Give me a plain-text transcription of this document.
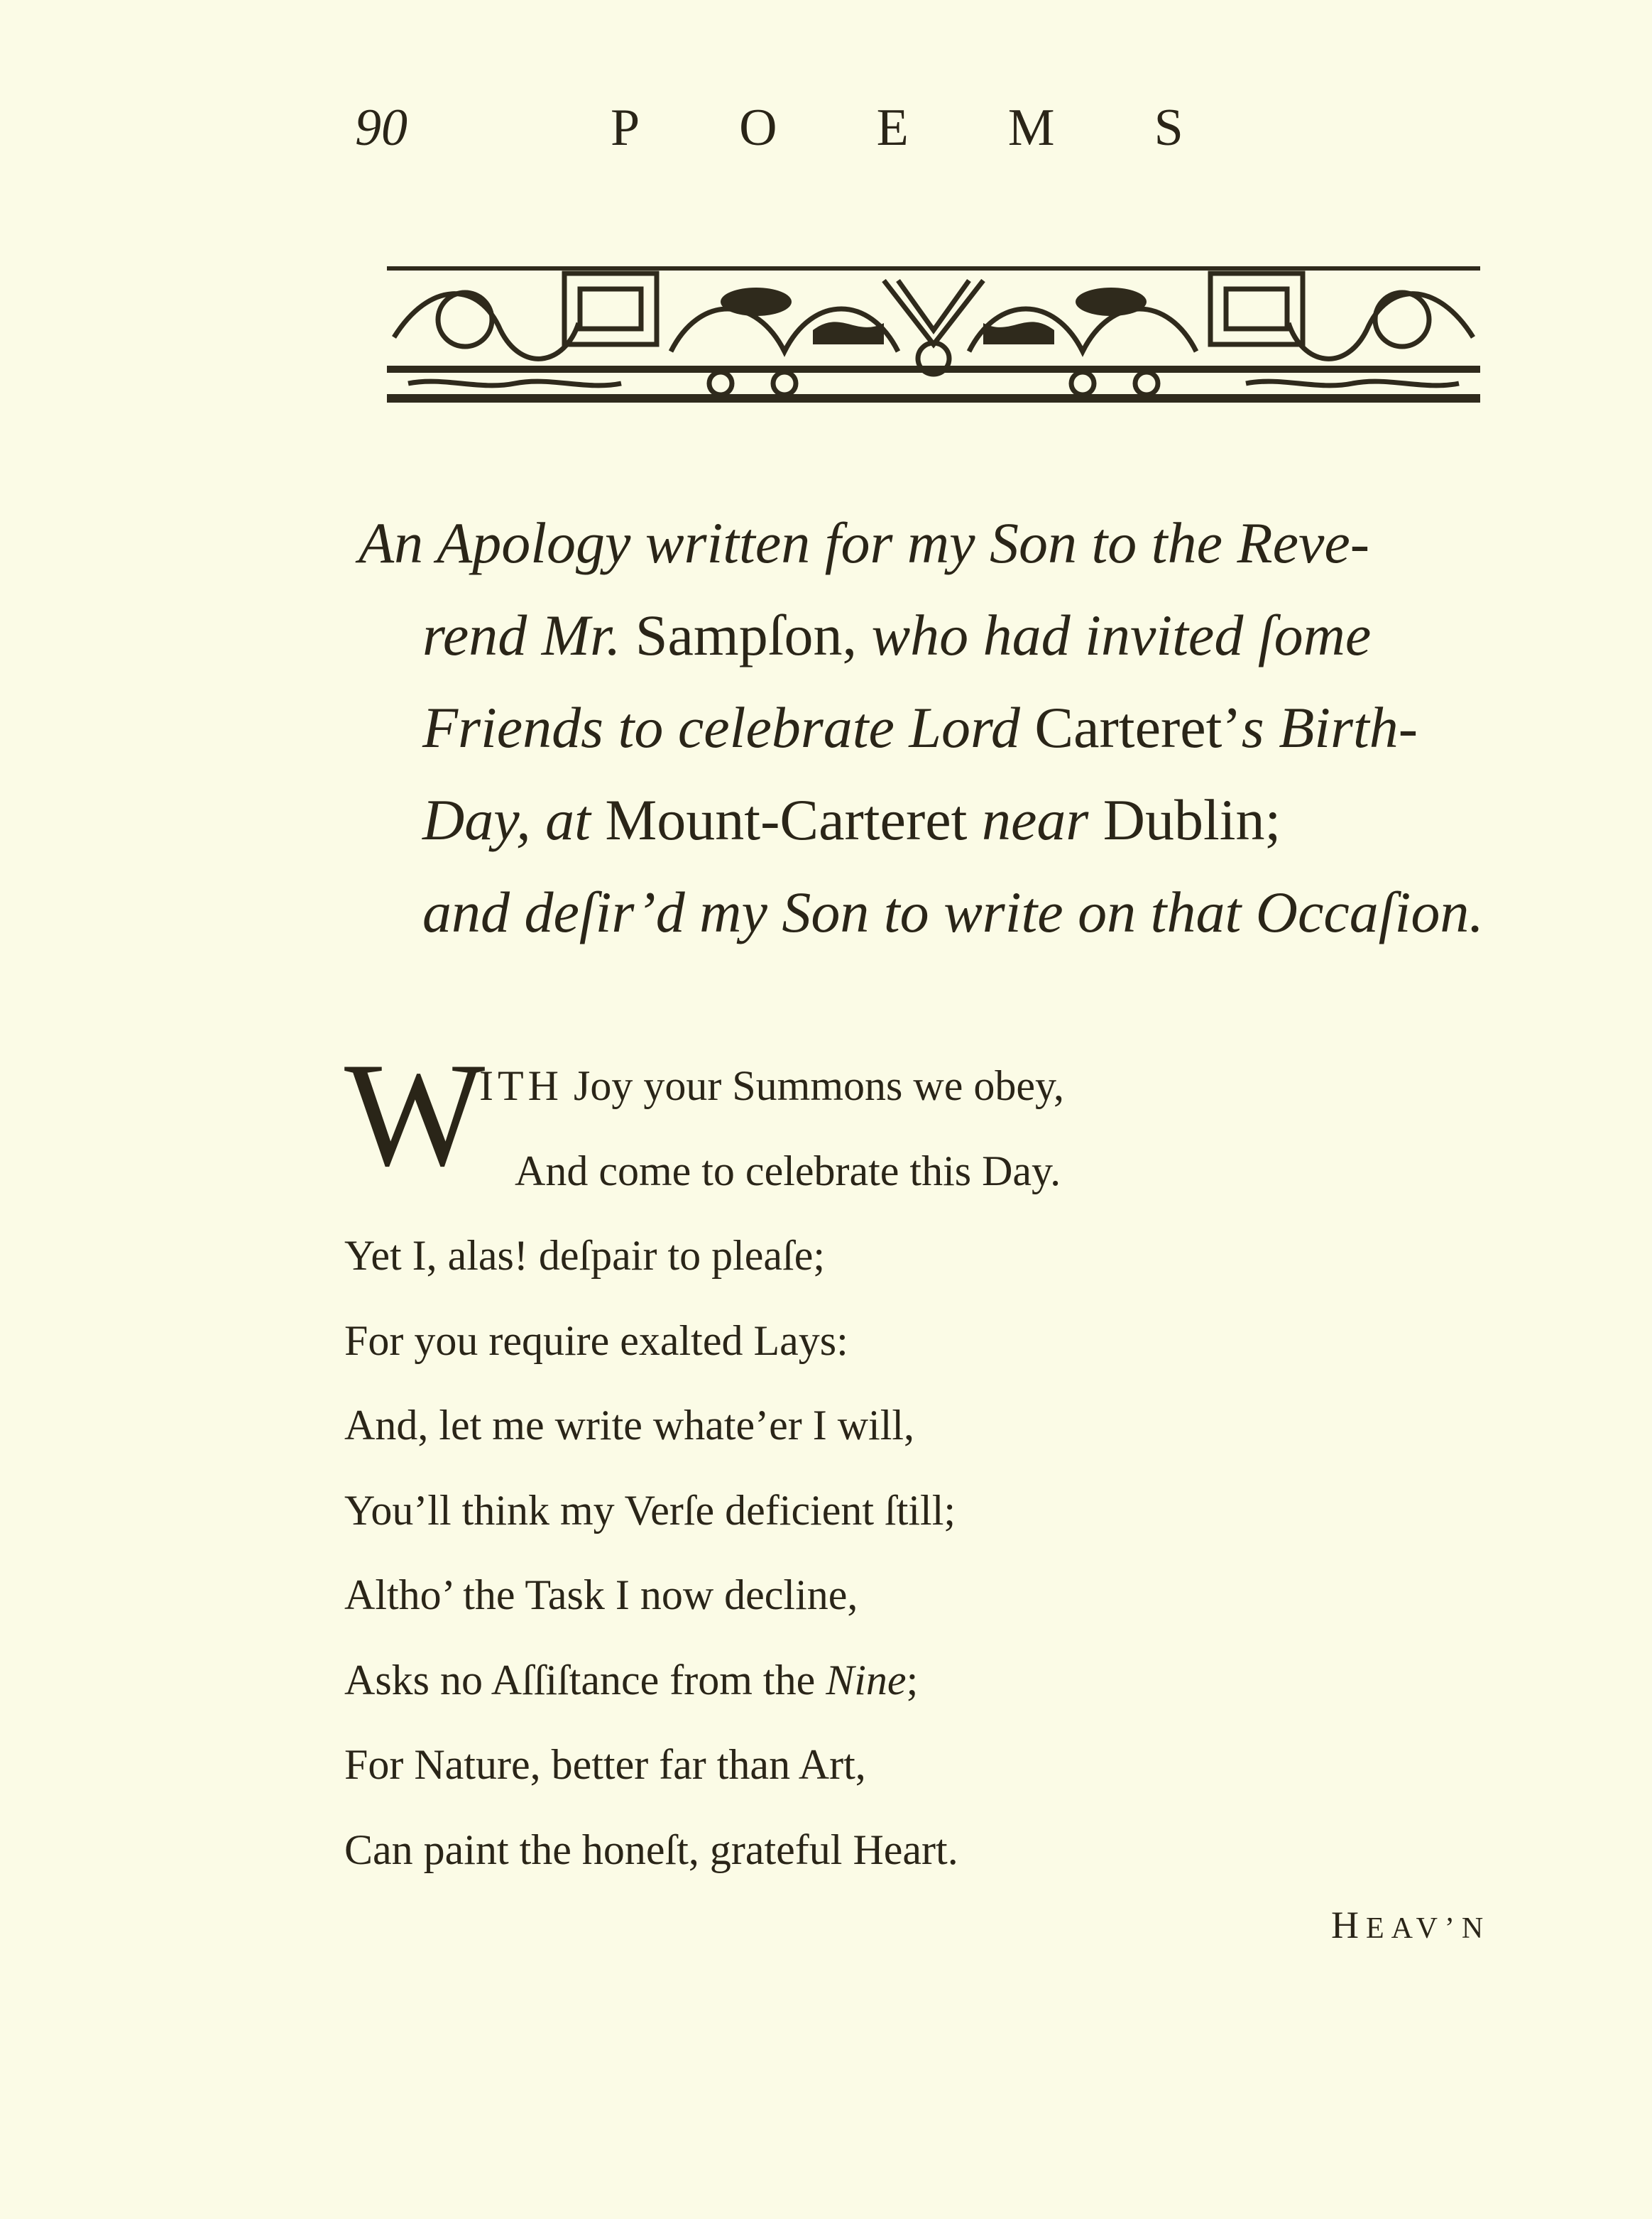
90	POEMS

An Apology written for my Son to the Reve-

rend Mr. Sampſon, who had invited ſome

Friends to celebrate Lord Carteret’s Birth-

Day, at Mount-Carteret near Dublin;

and deſir’d my Son to write on that Occaſion.

W

ITH Joy your Summons we obey,

And come to celebrate this Day.

Yet I, alas! deſpair to pleaſe;

For you require exalted Lays:

And, let me write whate’er I will,

You’ll think my Verſe deficient ſtill;

Altho’ the Task I now decline,

Asks no Aſſiſtance from the Nine;

For Nature, better far than Art,

Can paint the honeſt, grateful Heart.

HEAV’N
